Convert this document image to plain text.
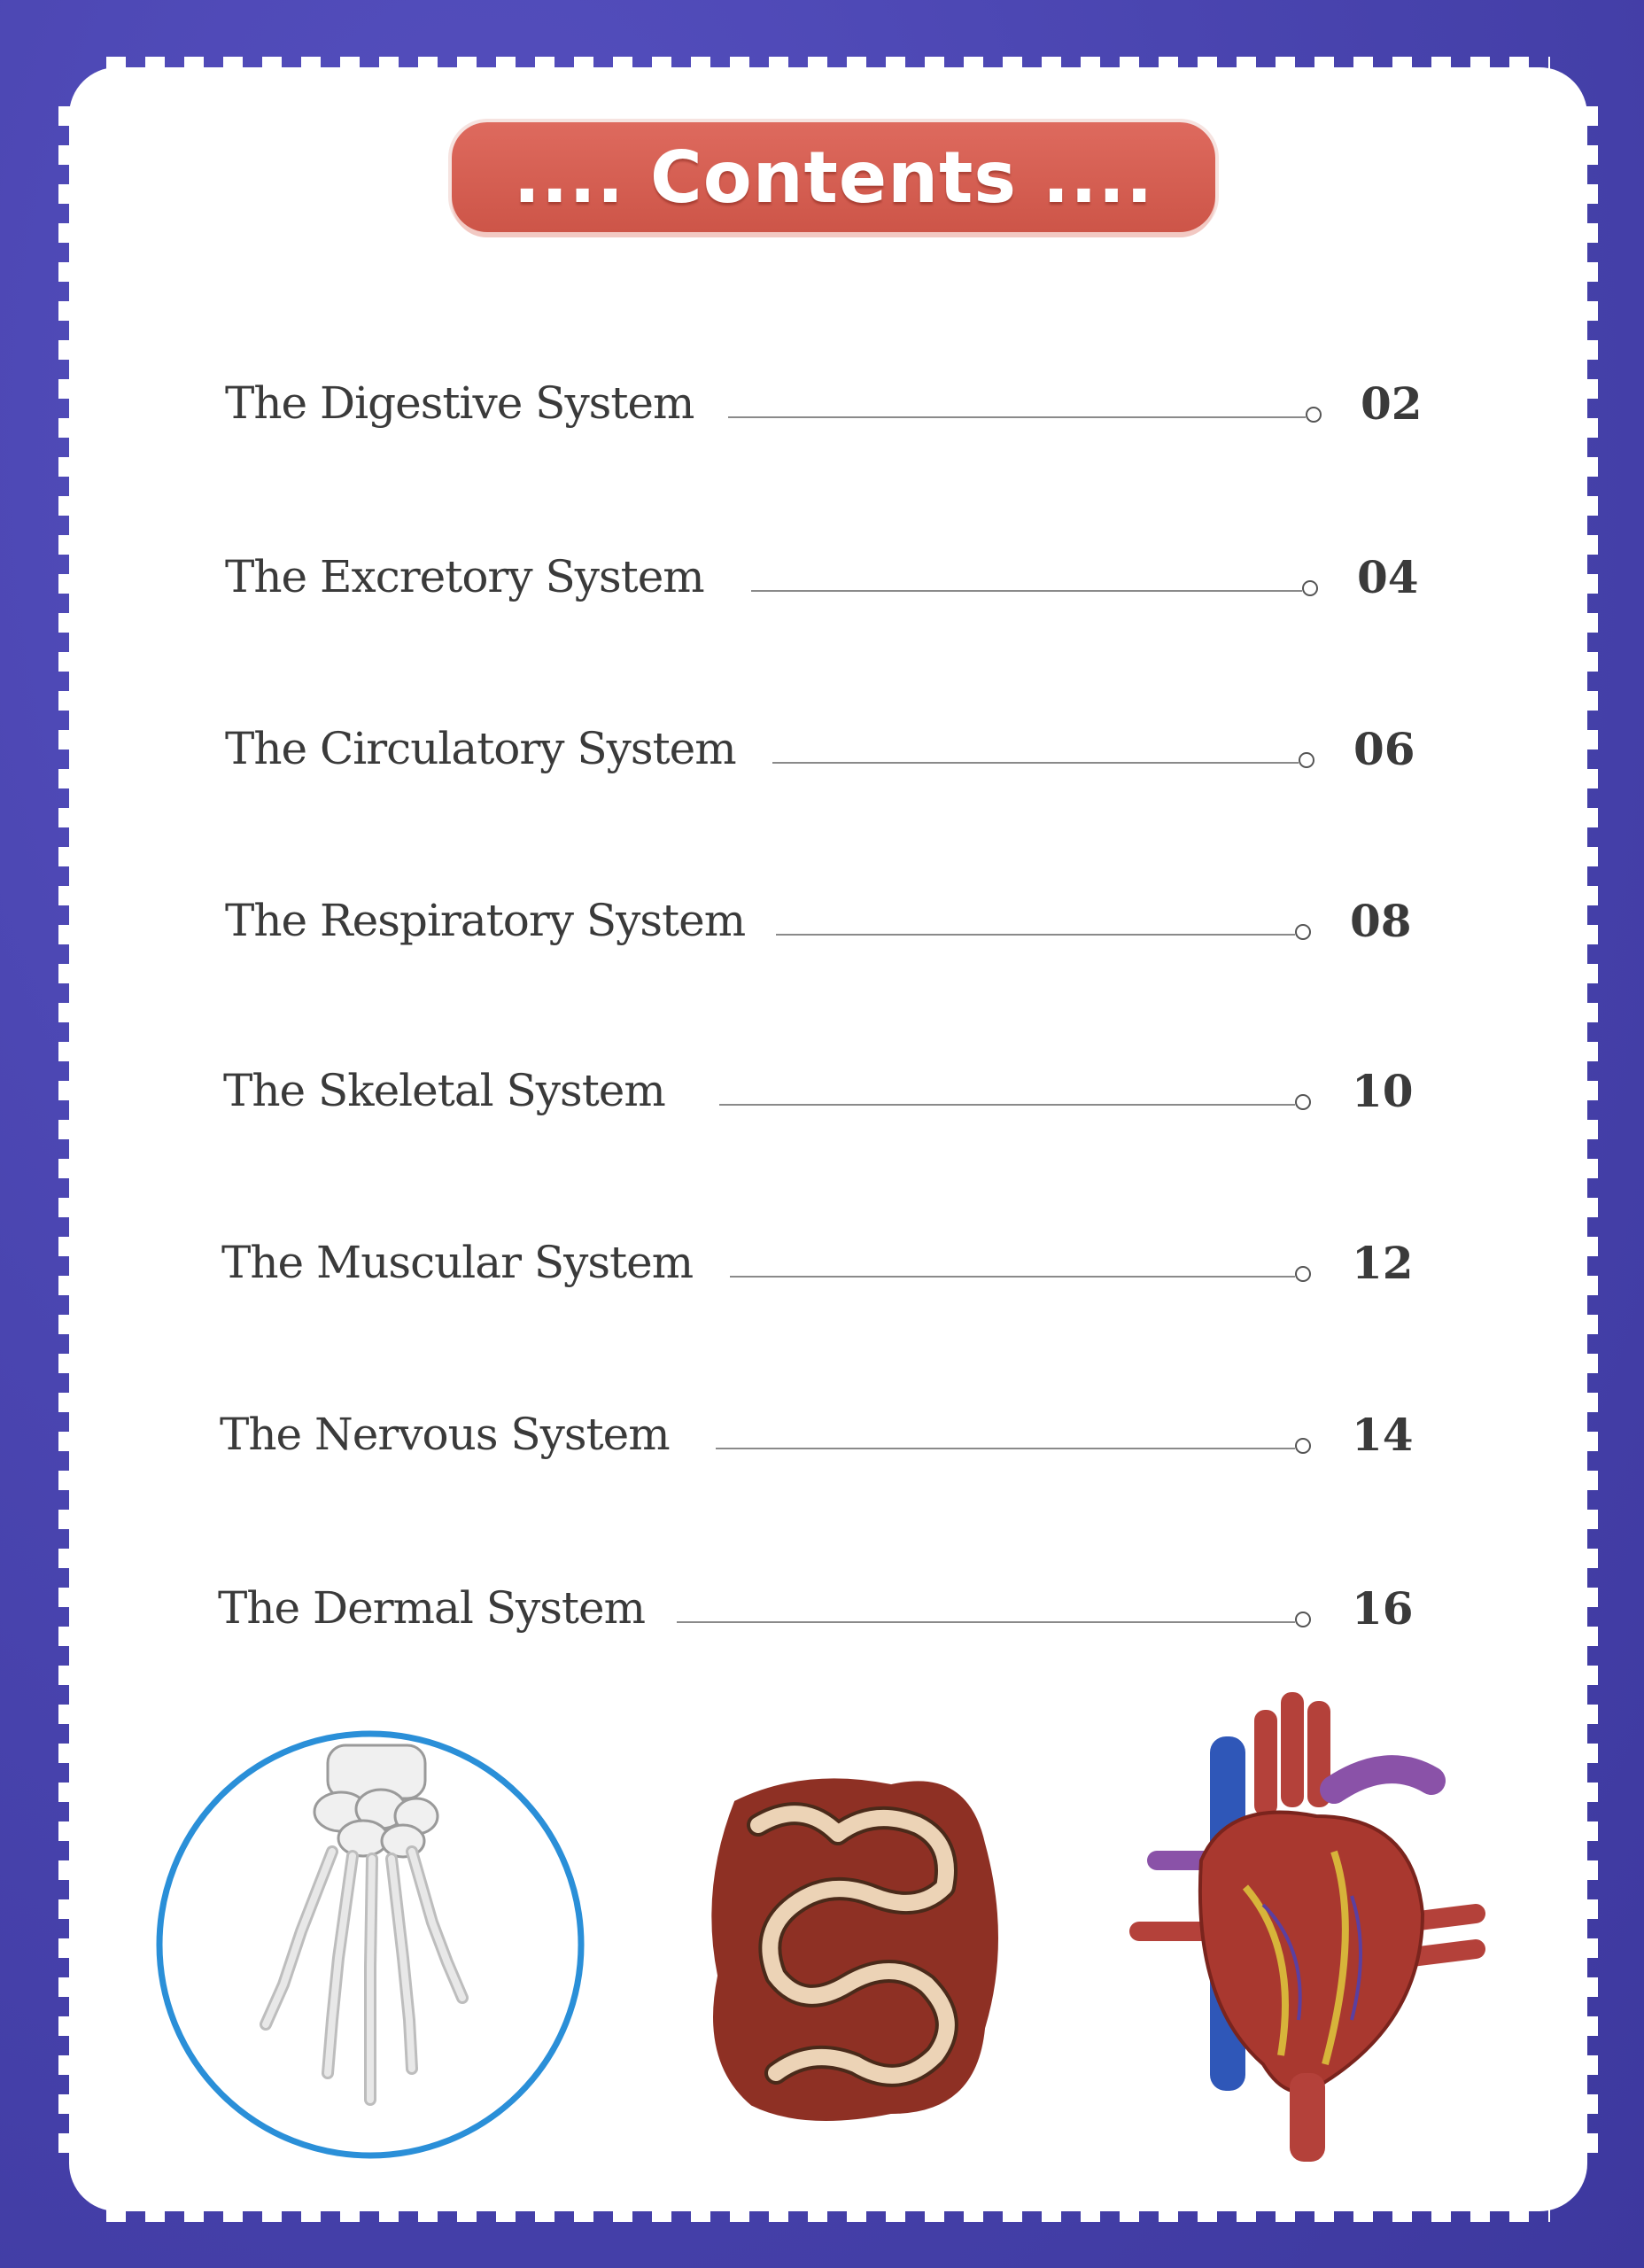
.... Contents ....
The Digestive System	02
The Excretory System	04
The Circulatory System	06
The Respiratory System	08
The Skeletal System	10
The Muscular System	12
The Nervous System	14
The Dermal System	16
